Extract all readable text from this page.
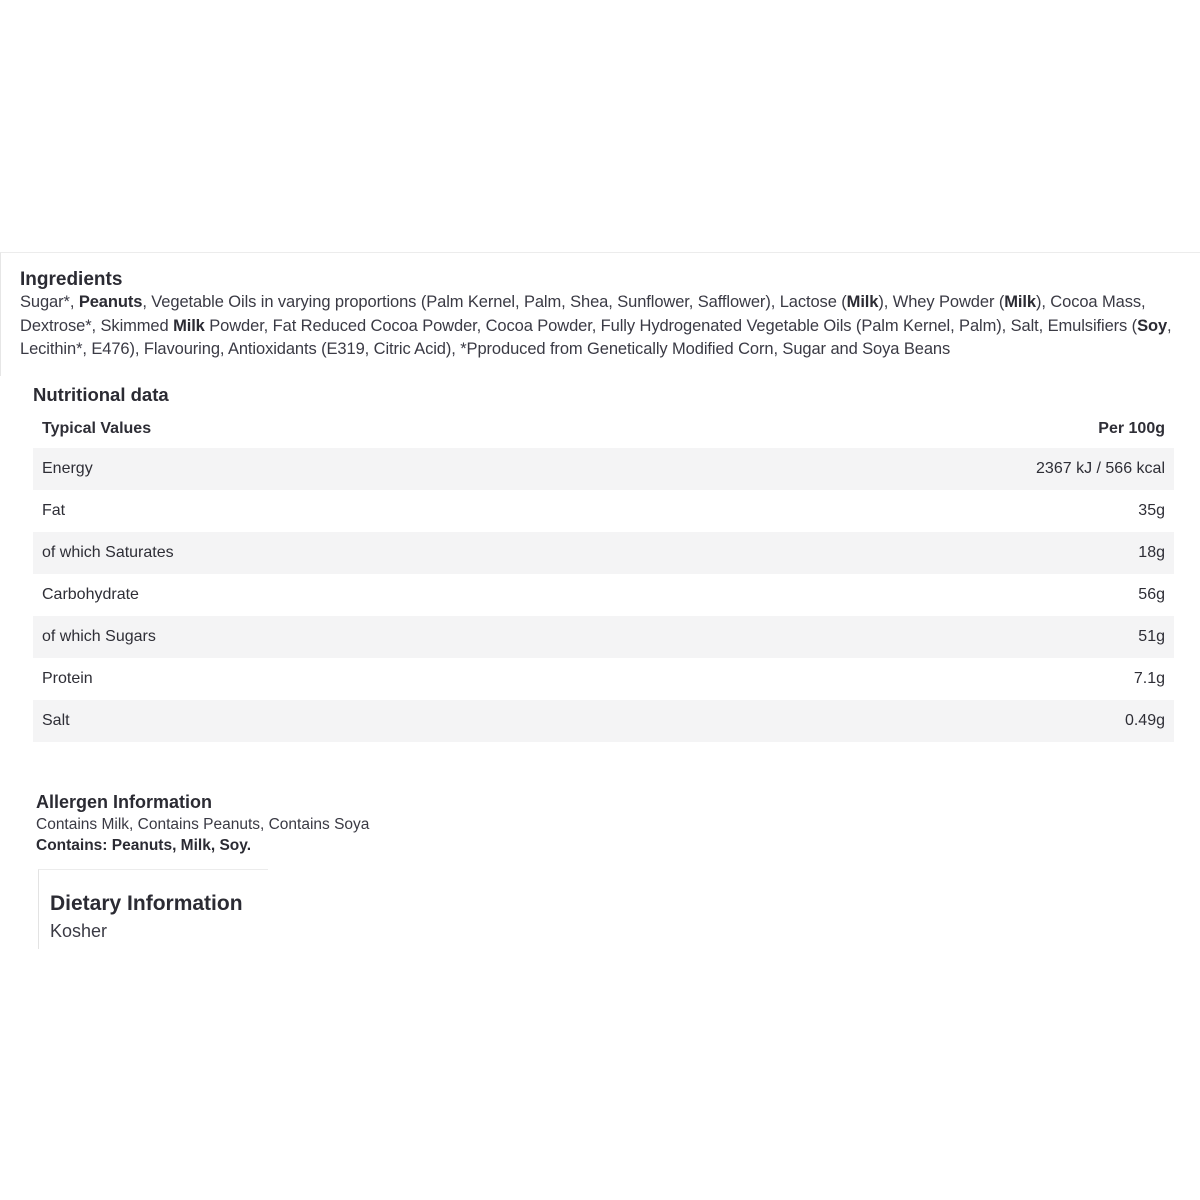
Ingredients

Sugar*, Peanuts, Vegetable Oils in varying proportions (Palm Kernel, Palm, Shea, Sunflower, Safflower), Lactose (Milk), Whey Powder (Milk), Cocoa Mass, Dextrose*, Skimmed Milk Powder, Fat Reduced Cocoa Powder, Cocoa Powder, Fully Hydrogenated Vegetable Oils (Palm Kernel, Palm), Salt, Emulsifiers (Soy, Lecithin*, E476), Flavouring, Antioxidants (E319, Citric Acid), *Pproduced from Genetically Modified Corn, Sugar and Soya Beans

Nutritional data
Typical Values	Per 100g
Energy	2367 kJ / 566 kcal
Fat	35g
of which Saturates	18g
Carbohydrate	56g
of which Sugars	51g
Protein	7.1g
Salt	0.49g
Allergen Information

Contains Milk, Contains Peanuts, Contains Soya

Contains: Peanuts, Milk, Soy.

Dietary Information

Kosher
